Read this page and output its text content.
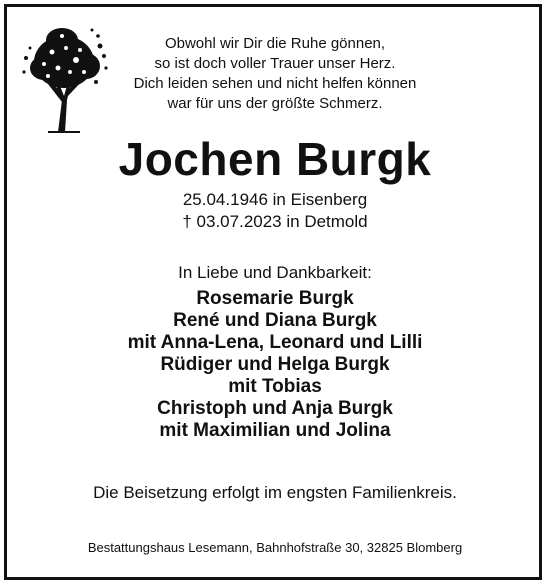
Obwohl wir Dir die Ruhe gönnen,
so ist doch voller Trauer unser Herz.
Dich leiden sehen und nicht helfen können
war für uns der größte Schmerz.
Jochen Burgk
25.04.1946 in Eisenberg
† 03.07.2023 in Detmold
In Liebe und Dankbarkeit:
Rosemarie Burgk
René und Diana Burgk
mit Anna-Lena, Leonard und Lilli
Rüdiger und Helga Burgk
mit Tobias
Christoph und Anja Burgk
mit Maximilian und Jolina
Die Beisetzung erfolgt im engsten Familienkreis.
Bestattungshaus Lesemann, Bahnhofstraße 30, 32825 Blomberg
